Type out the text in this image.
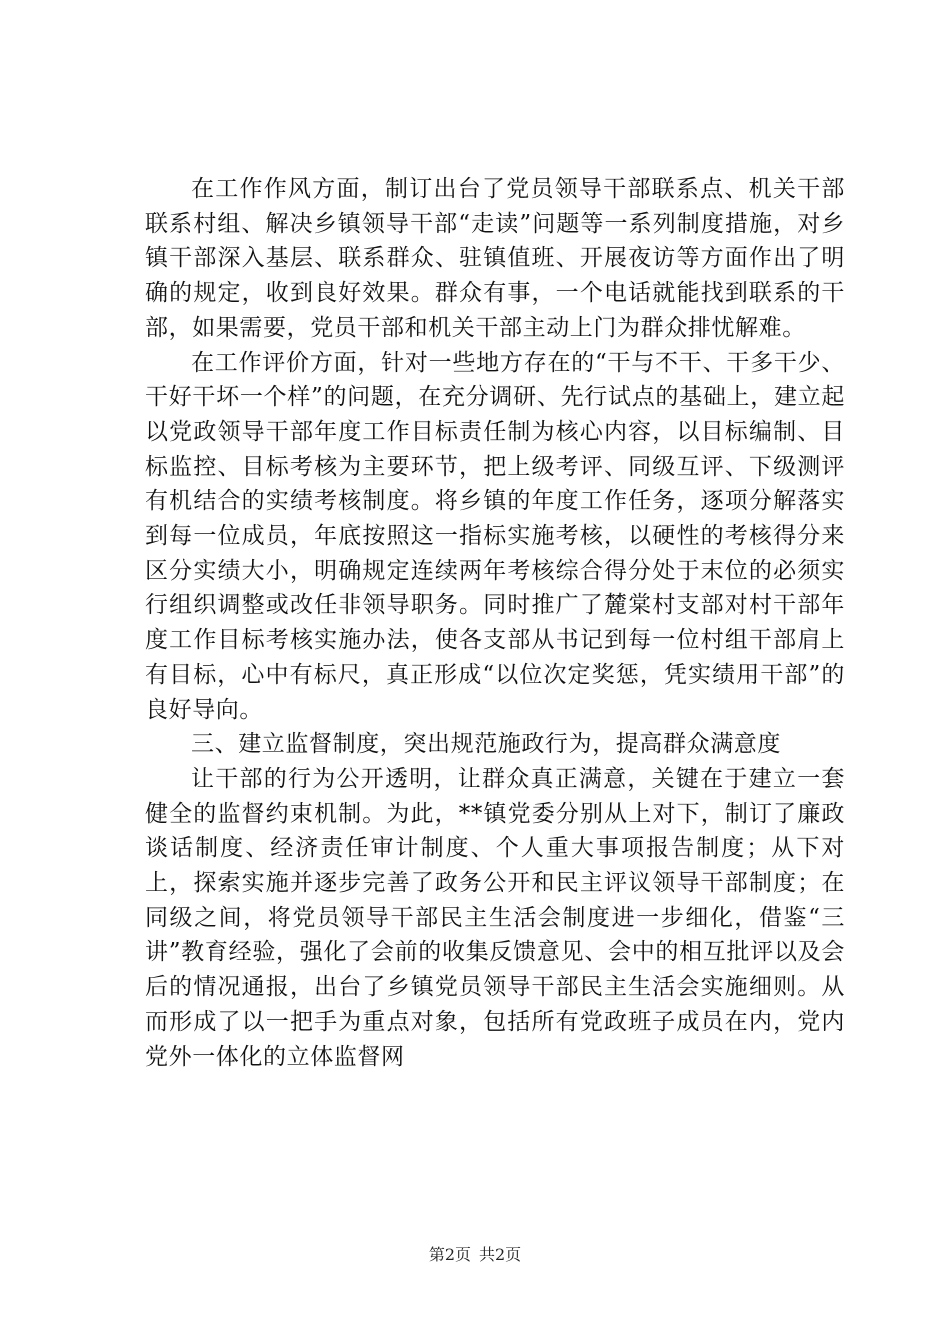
在工作作风方面，制订出台了党员领导干部联系点、机关干部联系村组、解决乡镇领导干部“走读”问题等一系列制度措施，对乡镇干部深入基层、联系群众、驻镇值班、开展夜访等方面作出了明确的规定，收到良好效果。群众有事，一个电话就能找到联系的干部，如果需要，党员干部和机关干部主动上门为群众排忧解难。

在工作评价方面，针对一些地方存在的“干与不干、干多干少、干好干坏一个样”的问题，在充分调研、先行试点的基础上，建立起以党政领导干部年度工作目标责任制为核心内容，以目标编制、目标监控、目标考核为主要环节，把上级考评、同级互评、下级测评有机结合的实绩考核制度。将乡镇的年度工作任务，逐项分解落实到每一位成员，年底按照这一指标实施考核，以硬性的考核得分来区分实绩大小，明确规定连续两年考核综合得分处于末位的必须实行组织调整或改任非领导职务。同时推广了麓棠村支部对村干部年度工作目标考核实施办法，使各支部从书记到每一位村组干部肩上有目标，心中有标尺，真正形成“以位次定奖惩，凭实绩用干部”的良好导向。

三、建立监督制度，突出规范施政行为，提高群众满意度

让干部的行为公开透明，让群众真正满意，关键在于建立一套健全的监督约束机制。为此，**镇党委分别从上对下，制订了廉政谈话制度、经济责任审计制度、个人重大事项报告制度；从下对上，探索实施并逐步完善了政务公开和民主评议领导干部制度；在同级之间，将党员领导干部民主生活会制度进一步细化，借鉴“三讲”教育经验，强化了会前的收集反馈意见、会中的相互批评以及会后的情况通报，出台了乡镇党员领导干部民主生活会实施细则。从而形成了以一把手为重点对象，包括所有党政班子成员在内，党内党外一体化的立体监督网

第2页 共2页
